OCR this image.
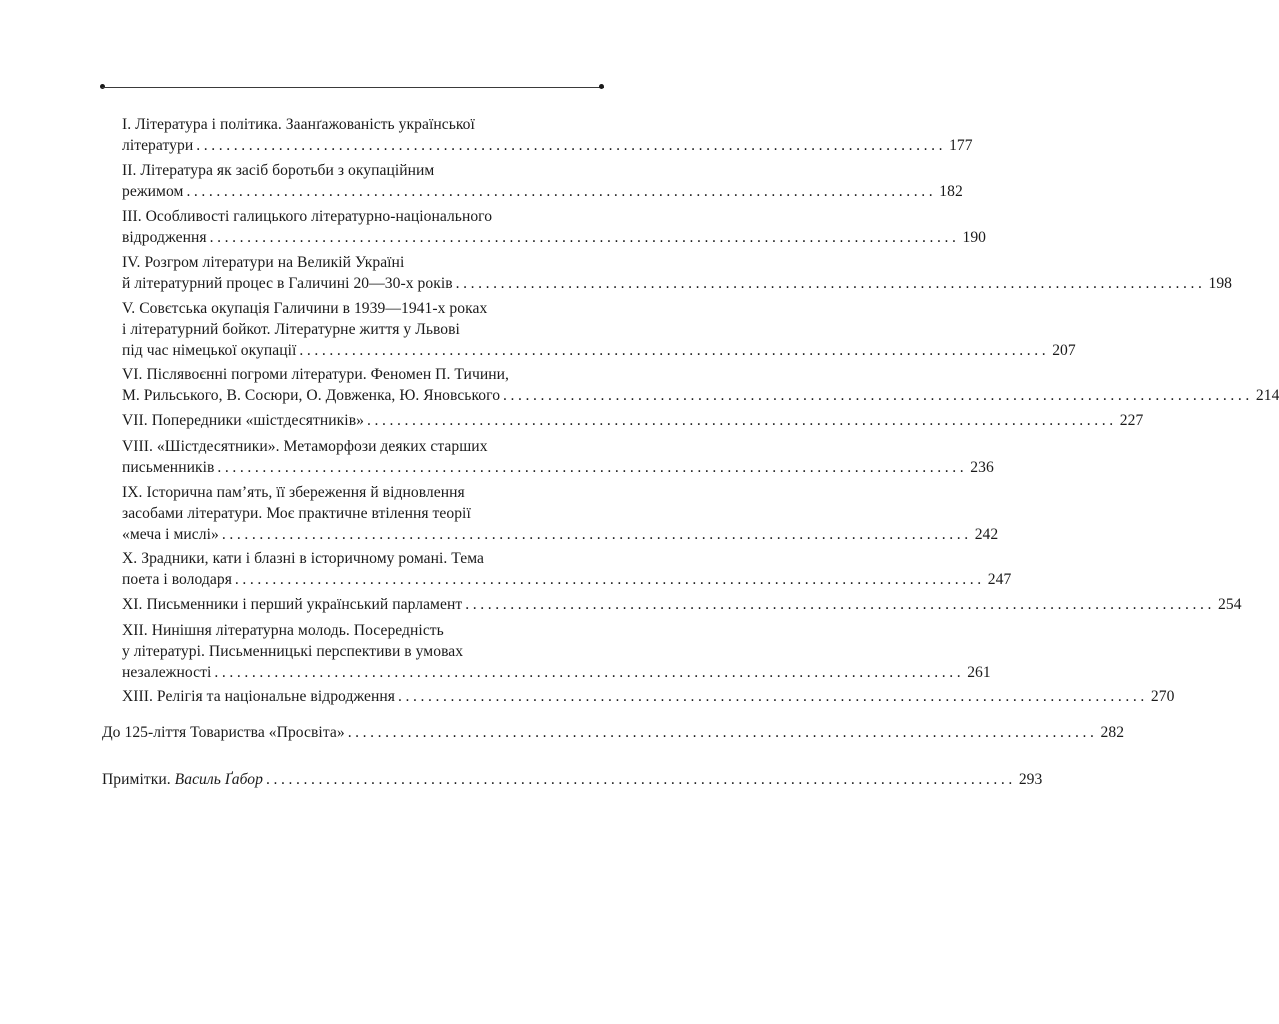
I. Література і політика. Заанґажованість української
літератури .................................................................................................... 177
II. Література як засіб боротьби з окупаційним
режимом .................................................................................................... 182
III. Особливості галицького літературно-національного
відродження .................................................................................................... 190
IV. Розгром літератури на Великій Україні
й літературний процес в Галичині 20—30-х років .................................................................................................... 198
V. Совєтська окупація Галичини в 1939—1941-х роках
і літературний бойкот. Літературне життя у Львові
під час німецької окупації .................................................................................................... 207
VI. Післявоєнні погроми літератури. Феномен П. Тичини,
М. Рильського, В. Сосюри, О. Довженка, Ю. Яновського .................................................................................................... 214
VII. Попередники «шістдесятників» .................................................................................................... 227
VIII. «Шістдесятники». Метаморфози деяких старших
письменників .................................................................................................... 236
IX. Історична пам’ять, її збереження й відновлення
засобами літератури. Моє практичне втілення теорії
«меча і мислі» .................................................................................................... 242
X. Зрадники, кати і блазні в історичному романі. Тема
поета і володаря .................................................................................................... 247
XI. Письменники і перший український парламент .................................................................................................... 254
XII. Нинішня літературна молодь. Посередність
у літературі. Письменницькі перспективи в умовах
незалежності .................................................................................................... 261
XIII. Релігія та національне відродження .................................................................................................... 270
До 125-ліття Товариства «Просвіта» .................................................................................................... 282
Примітки. Василь Ґабор .................................................................................................... 293
